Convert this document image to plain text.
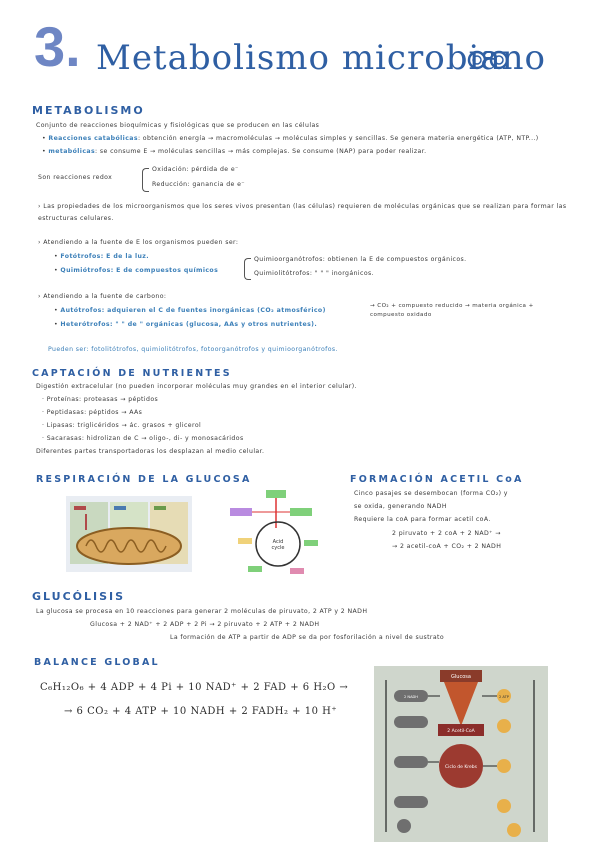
3. Metabolismo microbiano
METABOLISMO
Conjunto de reacciones bioquímicas y fisiológicas que se producen en las células
• Reacciones catabólicas: obtención energía → macromoléculas → moléculas simples y sencillas. Se genera materia energética (ATP, NTP...)
• metabólicas: se consume E → moléculas sencillas → más complejas. Se consume (NAP) para poder realizar.
Son reacciones redox
Oxidación: pérdida de e⁻
Reducción: ganancia de e⁻
› Las propiedades de los microorganismos que los seres vivos presentan (las células) requieren de moléculas orgánicas que se realizan para formar las estructuras celulares.
› Atendiendo a la fuente de E los organismos pueden ser:
• Fotótrofos: E de la luz.
• Quimiótrofos: E de compuestos químicos
Quimioorganótrofos: obtienen la E de compuestos orgánicos.
Quimiolitótrofos: " " " inorgánicos.
› Atendiendo a la fuente de carbono:
• Autótrofos: adquieren el C de fuentes inorgánicas (CO₂ atmosférico)
→ CO₂ + compuesto reducido → materia orgánica + compuesto oxidado
• Heterótrofos: " " de " orgánicas (glucosa, AAs y otros nutrientes).
Pueden ser: fotolitótrofos, quimiolitótrofos, fotoorganótrofos y quimioorganótrofos.
CAPTACIÓN DE NUTRIENTES
Digestión extracelular (no pueden incorporar moléculas muy grandes en el interior celular).
· Proteínas: proteasas → péptidos
· Peptidasas: péptidos → AAs
· Lipasas: triglicéridos → ác. grasos + glicerol
· Sacarasas: hidrolizan de C → oligo-, di- y monosacáridos
Diferentes partes transportadoras los desplazan al medio celular.
RESPIRACIÓN DE LA GLUCOSA
Acid
cycle
FORMACIÓN ACETIL CoA
Cinco pasajes se desembocan (forma CO₂) y
se oxida, generando NADH
Requiere la coA para formar acetil coA.
2 piruvato + 2 coA + 2 NAD⁺ →
→ 2 acetil-coA + CO₂ + 2 NADH
GLUCÓLISIS
La glucosa se procesa en 10 reacciones para generar 2 moléculas de piruvato, 2 ATP y 2 NADH
Glucosa + 2 NAD⁺ + 2 ADP + 2 Pi → 2 piruvato + 2 ATP + 2 NADH
La formación de ATP a partir de ADP se da por fosforilación a nivel de sustrato
BALANCE GLOBAL
C₆H₁₂O₆ + 4 ADP + 4 Pi + 10 NAD⁺ + 2 FAD + 6 H₂O →
→ 6 CO₂ + 4 ATP + 10 NADH + 2 FADH₂ + 10 H⁺
Glucosa
2 Acetil-CoA
Ciclo de Krebs
2 ATP
2 NADH
